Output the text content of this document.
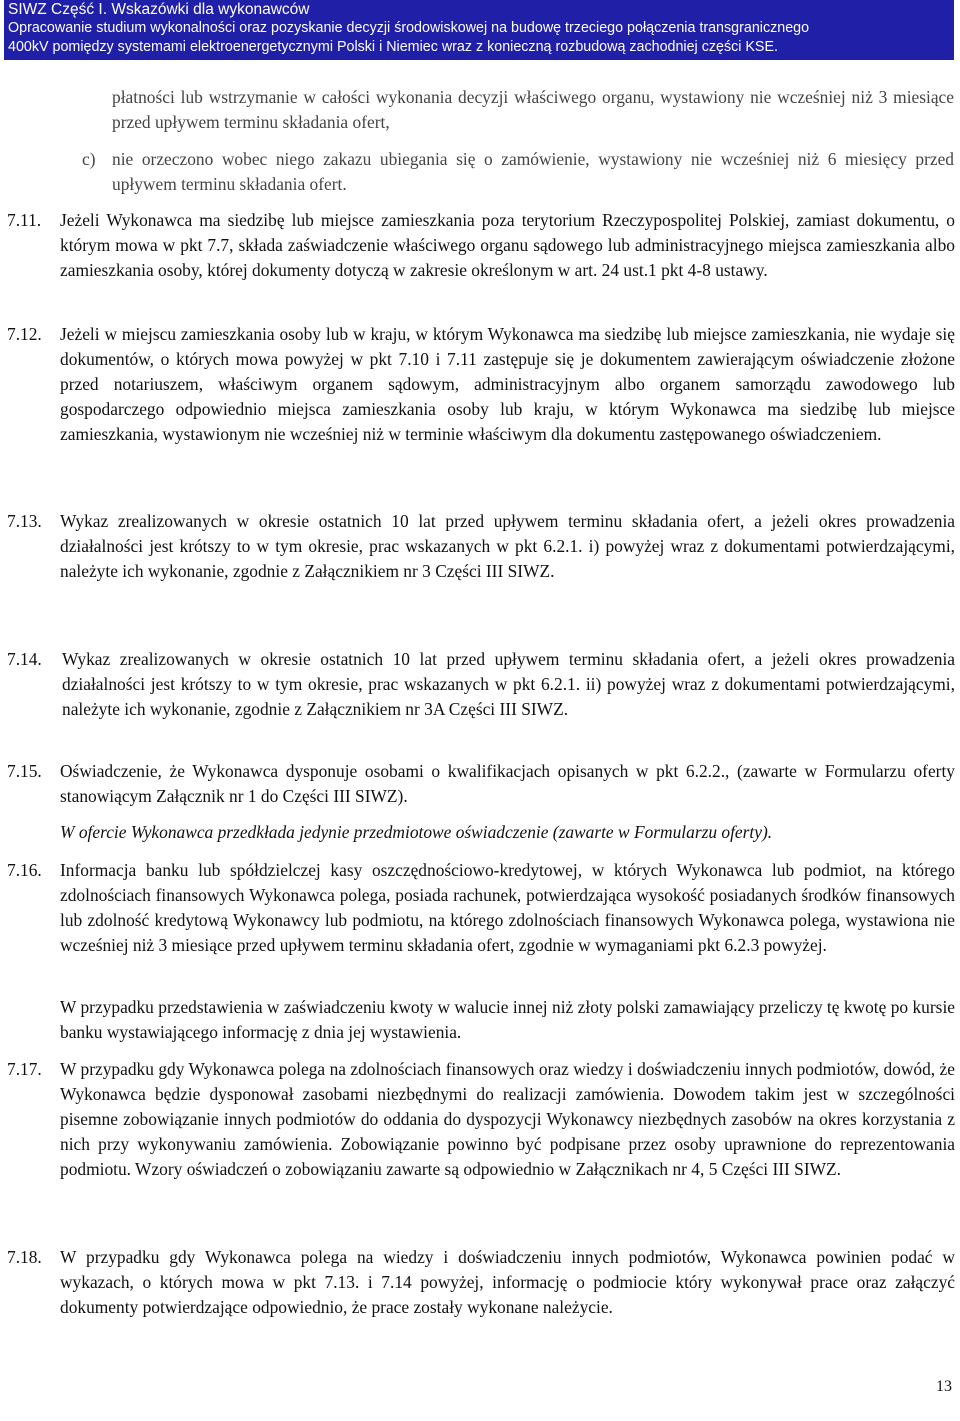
SIWZ Część I. Wskazówki dla wykonawców
Opracowanie studium wykonalności oraz pozyskanie decyzji środowiskowej na budowę trzeciego połączenia transgranicznego
400kV pomiędzy systemami elektroenergetycznymi Polski i Niemiec wraz z konieczną rozbudową zachodniej części KSE.

płatności lub wstrzymanie w całości wykonania decyzji właściwego organu, wystawiony nie wcześniej niż 3 miesiące przed upływem terminu składania ofert,

c) nie orzeczono wobec niego zakazu ubiegania się o zamówienie, wystawiony nie wcześniej niż 6 miesięcy przed upływem terminu składania ofert.

7.11. Jeżeli Wykonawca ma siedzibę lub miejsce zamieszkania poza terytorium Rzeczypospolitej Polskiej, zamiast dokumentu, o którym mowa w pkt 7.7, składa zaświadczenie właściwego organu sądowego lub administracyjnego miejsca zamieszkania albo zamieszkania osoby, której dokumenty dotyczą w zakresie określonym w art. 24 ust.1 pkt 4-8 ustawy.

7.12. Jeżeli w miejscu zamieszkania osoby lub w kraju, w którym Wykonawca ma siedzibę lub miejsce zamieszkania, nie wydaje się dokumentów, o których mowa powyżej w pkt 7.10 i 7.11 zastępuje się je dokumentem zawierającym oświadczenie złożone przed notariuszem, właściwym organem sądowym, administracyjnym albo organem samorządu zawodowego lub gospodarczego odpowiednio miejsca zamieszkania osoby lub kraju, w którym Wykonawca ma siedzibę lub miejsce zamieszkania, wystawionym nie wcześniej niż w terminie właściwym dla dokumentu zastępowanego oświadczeniem.

7.13. Wykaz zrealizowanych w okresie ostatnich 10 lat przed upływem terminu składania ofert, a jeżeli okres prowadzenia działalności jest krótszy to w tym okresie, prac wskazanych w pkt 6.2.1. i) powyżej wraz z dokumentami potwierdzającymi, należyte ich wykonanie, zgodnie z Załącznikiem nr 3 Części III SIWZ.

7.14. Wykaz zrealizowanych w okresie ostatnich 10 lat przed upływem terminu składania ofert, a jeżeli okres prowadzenia działalności jest krótszy to w tym okresie, prac wskazanych w pkt 6.2.1. ii) powyżej wraz z dokumentami potwierdzającymi, należyte ich wykonanie, zgodnie z Załącznikiem nr 3A Części III SIWZ.

7.15. Oświadczenie, że Wykonawca dysponuje osobami o kwalifikacjach opisanych w pkt 6.2.2., (zawarte w Formularzu oferty stanowiącym Załącznik nr 1 do Części III SIWZ).

W ofercie Wykonawca przedkłada jedynie przedmiotowe oświadczenie (zawarte w Formularzu oferty).

7.16. Informacja banku lub spółdzielczej kasy oszczędnościowo-kredytowej, w których Wykonawca lub podmiot, na którego zdolnościach finansowych Wykonawca polega, posiada rachunek, potwierdzająca wysokość posiadanych środków finansowych lub zdolność kredytową Wykonawcy lub podmiotu, na którego zdolnościach finansowych Wykonawca polega, wystawiona nie wcześniej niż 3 miesiące przed upływem terminu składania ofert, zgodnie w wymaganiami pkt 6.2.3 powyżej.

W przypadku przedstawienia w zaświadczeniu kwoty w walucie innej niż złoty polski zamawiający przeliczy tę kwotę po kursie banku wystawiającego informację z dnia jej wystawienia.

7.17. W przypadku gdy Wykonawca polega na zdolnościach finansowych oraz wiedzy i doświadczeniu innych podmiotów, dowód, że Wykonawca będzie dysponował zasobami niezbędnymi do realizacji zamówienia. Dowodem takim jest w szczególności pisemne zobowiązanie innych podmiotów do oddania do dyspozycji Wykonawcy niezbędnych zasobów na okres korzystania z nich przy wykonywaniu zamówienia. Zobowiązanie powinno być podpisane przez osoby uprawnione do reprezentowania podmiotu. Wzory oświadczeń o zobowiązaniu zawarte są odpowiednio w Załącznikach nr 4, 5 Części III SIWZ.

7.18. W przypadku gdy Wykonawca polega na wiedzy i doświadczeniu innych podmiotów, Wykonawca powinien podać w wykazach, o których mowa w pkt 7.13. i 7.14 powyżej, informację o podmiocie który wykonywał prace oraz załączyć dokumenty potwierdzające odpowiednio, że prace zostały wykonane należycie.

13
